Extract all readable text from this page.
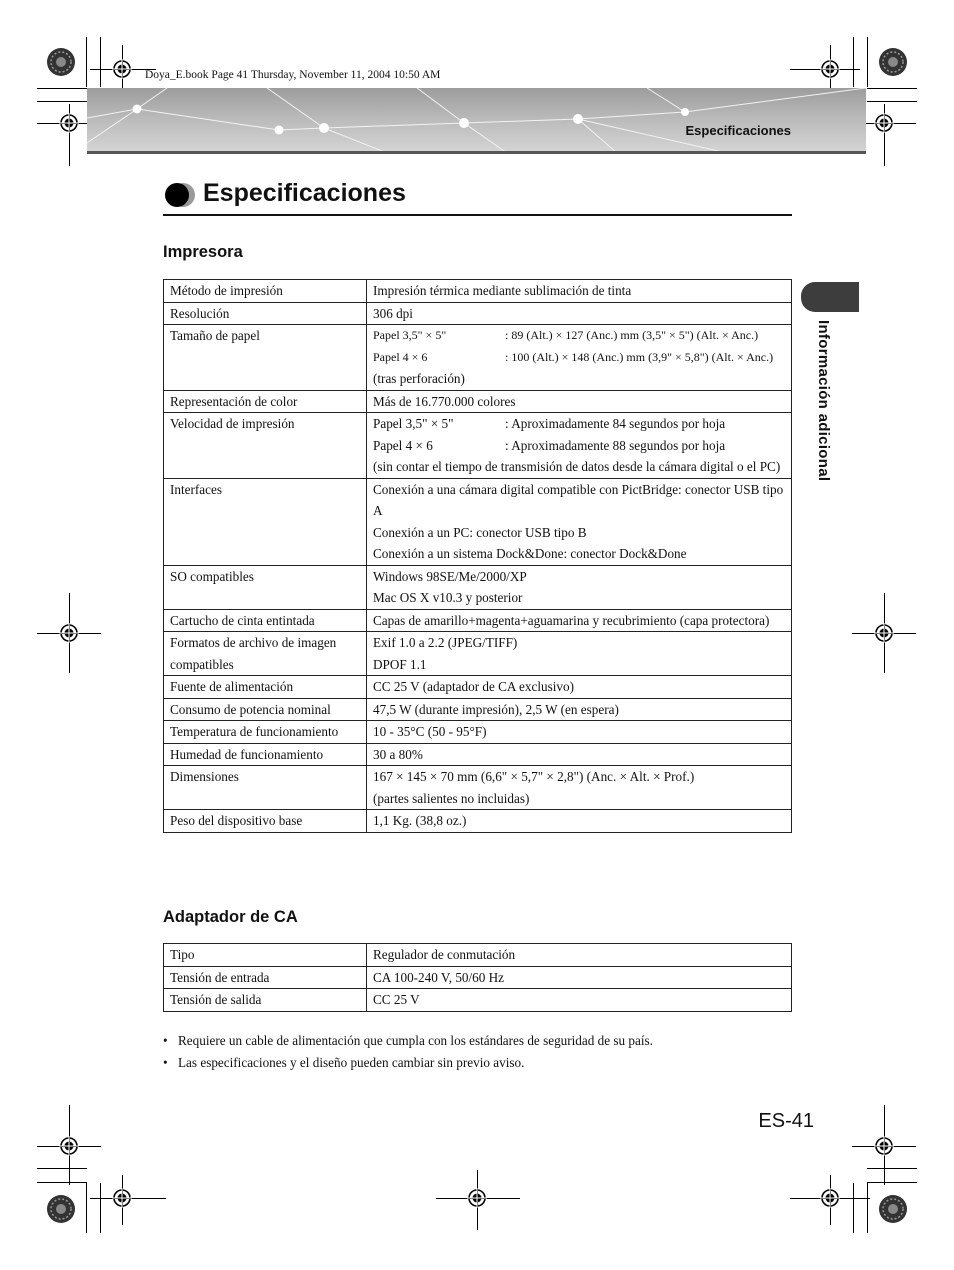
Doya_E.book Page 41 Thursday, November 11, 2004 10:50 AM
Especificaciones
Especificaciones
Impresora
Método de impresión	Impresión térmica mediante sublimación de tinta

Resolución	306 dpi

Tamaño de papel	Papel 3,5" × 5" : 89 (Alt.) × 127 (Anc.) mm (3,5" × 5") (Alt. × Anc.)
Papel 4 × 6 : 100 (Alt.) × 148 (Anc.) mm (3,9" × 5,8") (Alt. × Anc.)
(tras perforación)

Representación de color	Más de 16.770.000 colores

Velocidad de impresión	Papel 3,5" × 5" : Aproximadamente 84 segundos por hoja
Papel 4 × 6 : Aproximadamente 88 segundos por hoja
(sin contar el tiempo de transmisión de datos desde la cámara digital o el PC)

Interfaces	Conexión a una cámara digital compatible con PictBridge: conector USB tipo A
Conexión a un PC: conector USB tipo B
Conexión a un sistema Dock&Done: conector Dock&Done

SO compatibles	Windows 98SE/Me/2000/XP
Mac OS X v10.3 y posterior

Cartucho de cinta entintada	Capas de amarillo+magenta+aguamarina y recubrimiento (capa protectora)

Formatos de archivo de imagen compatibles	Exif 1.0 a 2.2 (JPEG/TIFF)
DPOF 1.1

Fuente de alimentación	CC 25 V (adaptador de CA exclusivo)

Consumo de potencia nominal	47,5 W (durante impresión), 2,5 W (en espera)

Temperatura de funcionamiento	10 - 35°C (50 - 95°F)

Humedad de funcionamiento	30 a 80%

Dimensiones	167 × 145 × 70 mm (6,6" × 5,7" × 2,8") (Anc. × Alt. × Prof.)
(partes salientes no incluidas)

Peso del dispositivo base	1,1 Kg. (38,8 oz.)
Adaptador de CA
Tipo	Regulador de conmutación

Tensión de entrada	CA 100-240 V, 50/60 Hz

Tensión de salida	CC 25 V
• Requiere un cable de alimentación que cumpla con los estándares de seguridad de su país.
• Las especificaciones y el diseño pueden cambiar sin previo aviso.
Información adicional
ES-41
